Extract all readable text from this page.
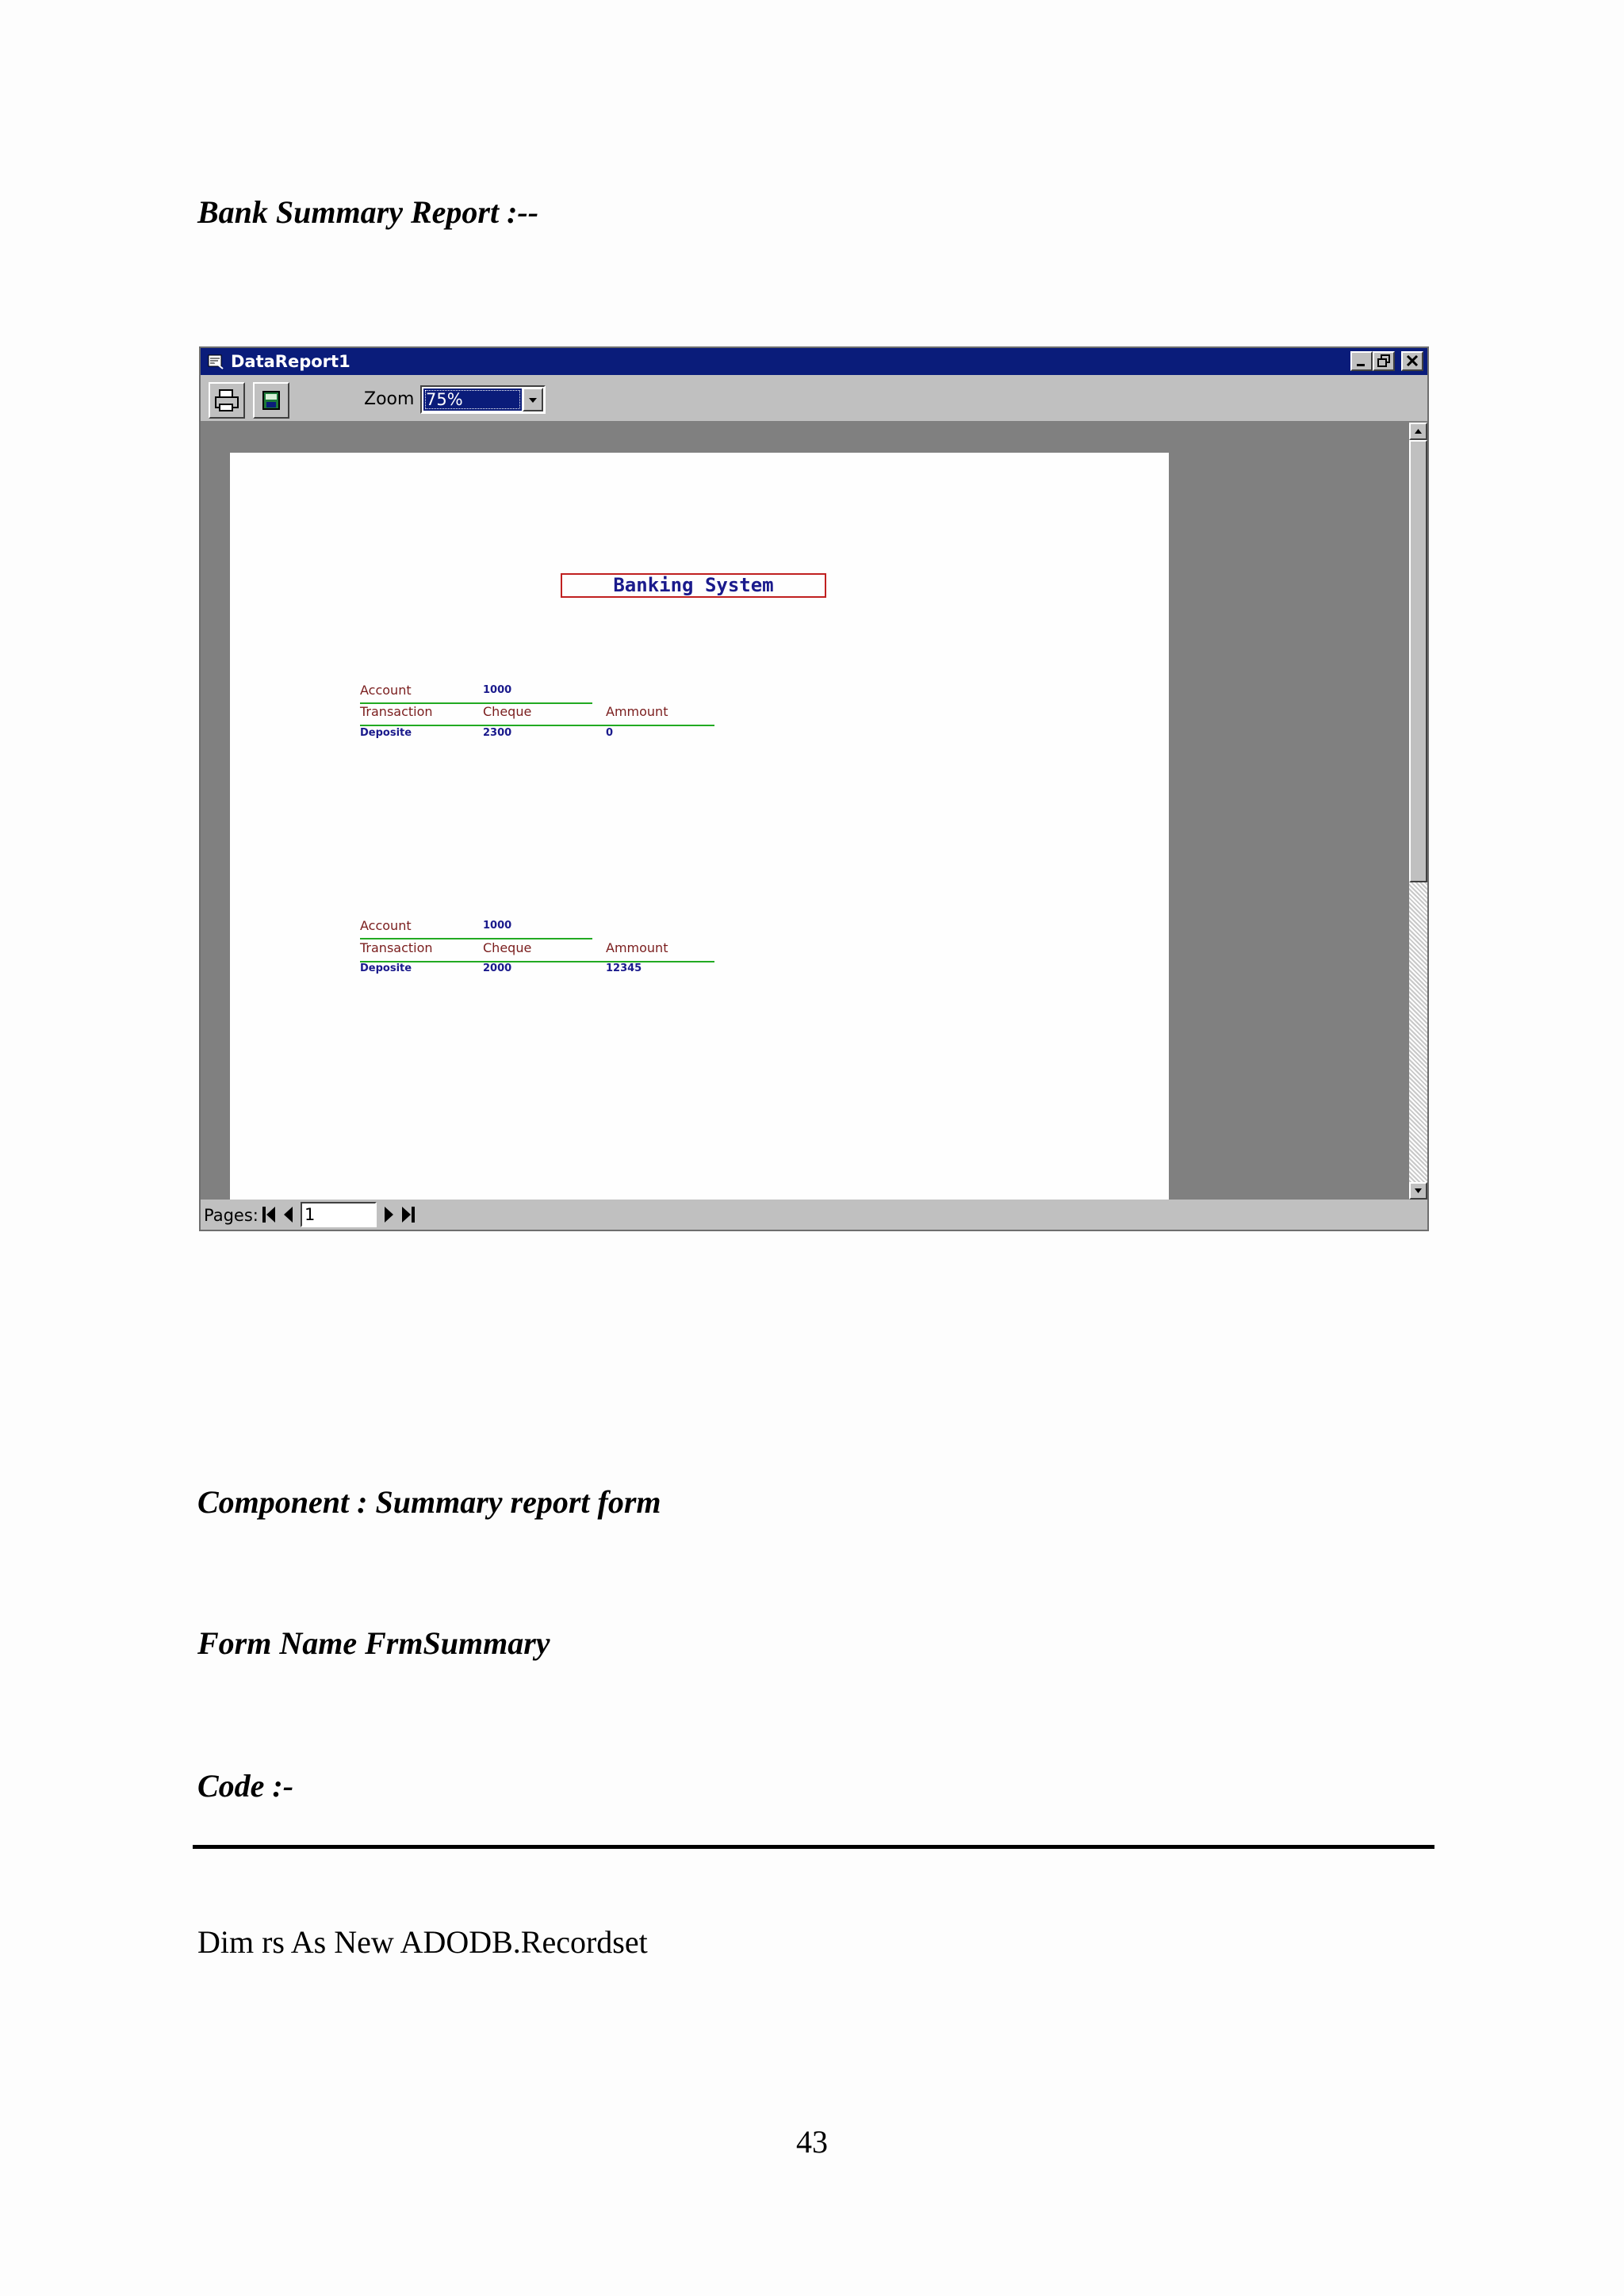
Bank Summary Report :--
DataReport1
Zoom 75%
Banking System
Account	1000
Transaction	Cheque	Ammount
Deposite	2300	0
Account	1000
Transaction	Cheque	Ammount
Deposite	2000	12345
Pages:	1
Component : Summary report form
Form Name FrmSummary
Code :-
Dim rs As New ADODB.Recordset
43
